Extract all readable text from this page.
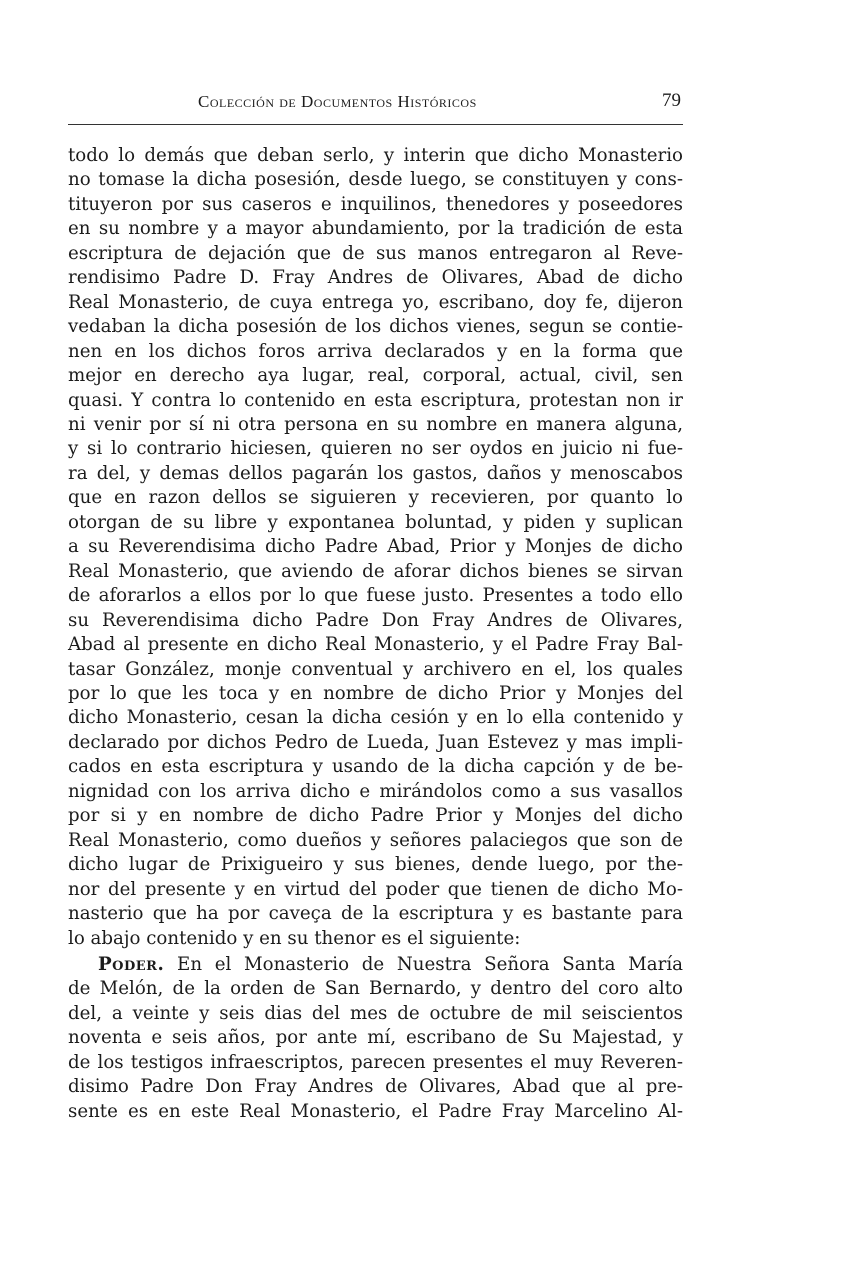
Colección de Documentos Históricos	79
todo lo demás que deban serlo, y interin que dicho Monasterio
no tomase la dicha posesión, desde luego, se constituyen y cons-
tituyeron por sus caseros e inquilinos, thenedores y poseedores
en su nombre y a mayor abundamiento, por la tradición de esta
escriptura de dejación que de sus manos entregaron al Reve-
rendisimo Padre D. Fray Andres de Olivares, Abad de dicho
Real Monasterio, de cuya entrega yo, escribano, doy fe, dijeron
vedaban la dicha posesión de los dichos vienes, segun se contie-
nen en los dichos foros arriva declarados y en la forma que
mejor en derecho aya lugar, real, corporal, actual, civil, sen
quasi. Y contra lo contenido en esta escriptura, protestan non ir
ni venir por sí ni otra persona en su nombre en manera alguna,
y si lo contrario hiciesen, quieren no ser oydos en juicio ni fue-
ra del, y demas dellos pagarán los gastos, daños y menoscabos
que en razon dellos se siguieren y recevieren, por quanto lo
otorgan de su libre y expontanea boluntad, y piden y suplican
a su Reverendisima dicho Padre Abad, Prior y Monjes de dicho
Real Monasterio, que aviendo de aforar dichos bienes se sirvan
de aforarlos a ellos por lo que fuese justo. Presentes a todo ello
su Reverendisima dicho Padre Don Fray Andres de Olivares,
Abad al presente en dicho Real Monasterio, y el Padre Fray Bal-
tasar González, monje conventual y archivero en el, los quales
por lo que les toca y en nombre de dicho Prior y Monjes del
dicho Monasterio, cesan la dicha cesión y en lo ella contenido y
declarado por dichos Pedro de Lueda, Juan Estevez y mas impli-
cados en esta escriptura y usando de la dicha capción y de be-
nignidad con los arriva dicho e mirándolos como a sus vasallos
por si y en nombre de dicho Padre Prior y Monjes del dicho
Real Monasterio, como dueños y señores palaciegos que son de
dicho lugar de Prixigueiro y sus bienes, dende luego, por the-
nor del presente y en virtud del poder que tienen de dicho Mo-
nasterio que ha por caveça de la escriptura y es bastante para
lo abajo contenido y en su thenor es el siguiente:
Poder. En el Monasterio de Nuestra Señora Santa María
de Melón, de la orden de San Bernardo, y dentro del coro alto
del, a veinte y seis dias del mes de octubre de mil seiscientos
noventa e seis años, por ante mí, escribano de Su Majestad, y
de los testigos infraescriptos, parecen presentes el muy Reveren-
disimo Padre Don Fray Andres de Olivares, Abad que al pre-
sente es en este Real Monasterio, el Padre Fray Marcelino Al-
